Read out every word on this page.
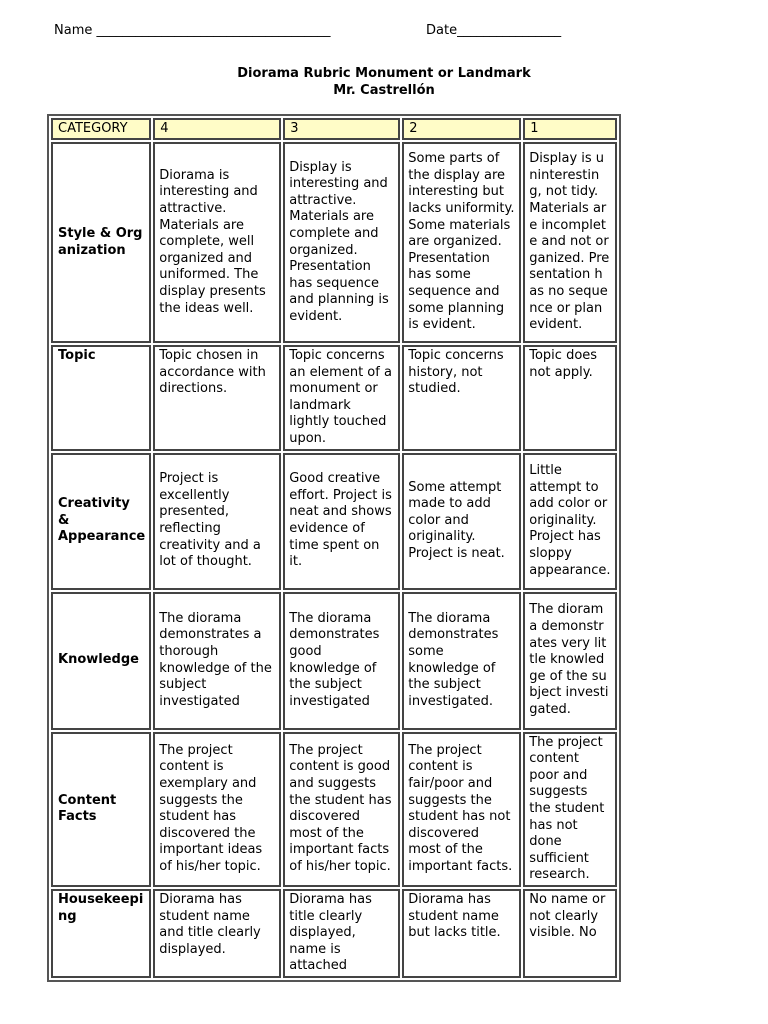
Name ____________________________________	Date________________
Diorama Rubric Monument or Landmark
Mr. Castrellón
CATEGORY	4	3	2	1
Style & Organization	Diorama is interesting and attractive. Materials are complete, well organized and uniformed. The display presents the ideas well.	Display is interesting and attractive. Materials are complete and organized. Presentation has sequence and planning is evident.	Some parts of the display are interesting but lacks uniformity. Some materials are organized. Presentation has some sequence and some planning is evident.	Display is uninteresting, not tidy. Materials are incomplete and not organized. Presentation has no sequence or plan evident.
Topic	Topic chosen in accordance with directions.	Topic concerns an element of a monument or landmark lightly touched upon.	Topic concerns history, not studied.	Topic does not apply.
Creativity & Appearance	Project is excellently presented, reflecting creativity and a lot of thought.	Good creative effort. Project is neat and shows evidence of time spent on it.	Some attempt made to add color and originality. Project is neat.	Little attempt to add color or originality. Project has sloppy appearance.
Knowledge	The diorama demonstrates a thorough knowledge of the subject investigated	The diorama demonstrates good knowledge of the subject investigated	The diorama demonstrates some knowledge of the subject investigated.	The diorama demonstrates very little knowledge of the subject investigated.
Content Facts	The project content is exemplary and suggests the student has discovered the important ideas of his/her topic.	The project content is good and suggests the student has discovered most of the important facts of his/her topic.	The project content is fair/poor and suggests the student has not discovered most of the important facts.	The project content poor and suggests the student has not done sufficient research.
Housekeeping	Diorama has student name and title clearly displayed.	Diorama has title clearly displayed, name is attached	Diorama has student name but lacks title.	No name or not clearly visible. No
